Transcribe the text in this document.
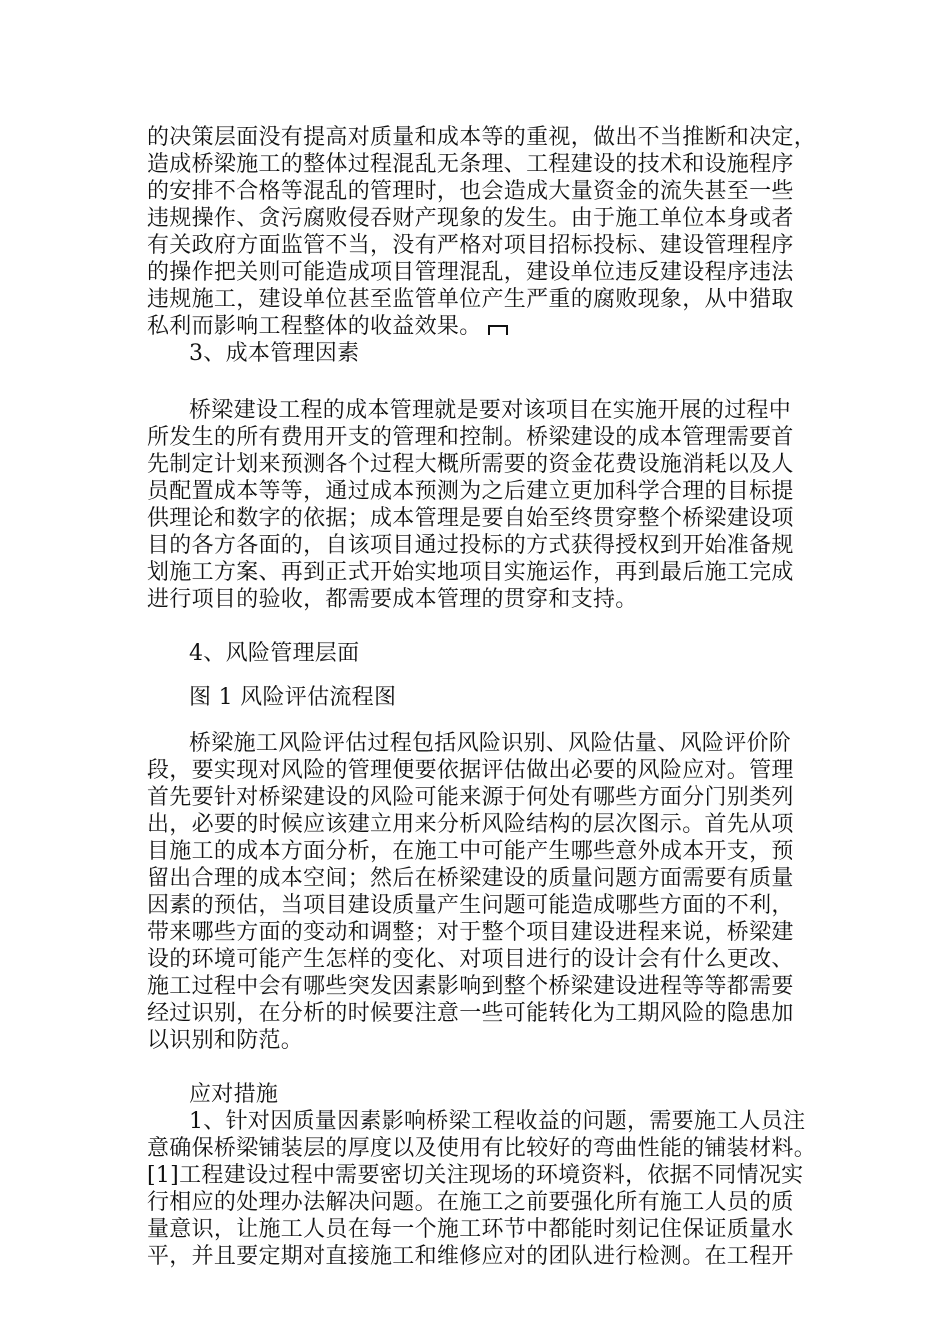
的决策层面没有提高对质量和成本等的重视，做出不当推断和决定，
造成桥梁施工的整体过程混乱无条理、工程建设的技术和设施程序
的安排不合格等混乱的管理时，也会造成大量资金的流失甚至一些
违规操作、贪污腐败侵吞财产现象的发生。由于施工单位本身或者
有关政府方面监管不当，没有严格对项目招标投标、建设管理程序
的操作把关则可能造成项目管理混乱，建设单位违反建设程序违法
违规施工，建设单位甚至监管单位产生严重的腐败现象，从中猎取
私利而影响工程整体的收益效果。
3、成本管理因素
桥梁建设工程的成本管理就是要对该项目在实施开展的过程中
所发生的所有费用开支的管理和控制。桥梁建设的成本管理需要首
先制定计划来预测各个过程大概所需要的资金花费设施消耗以及人
员配置成本等等，通过成本预测为之后建立更加科学合理的目标提
供理论和数字的依据；成本管理是要自始至终贯穿整个桥梁建设项
目的各方各面的，自该项目通过投标的方式获得授权到开始准备规
划施工方案、再到正式开始实地项目实施运作，再到最后施工完成
进行项目的验收，都需要成本管理的贯穿和支持。
4、风险管理层面
图 1 风险评估流程图
桥梁施工风险评估过程包括风险识别、风险估量、风险评价阶
段，要实现对风险的管理便要依据评估做出必要的风险应对。管理
首先要针对桥梁建设的风险可能来源于何处有哪些方面分门别类列
出，必要的时候应该建立用来分析风险结构的层次图示。首先从项
目施工的成本方面分析，在施工中可能产生哪些意外成本开支，预
留出合理的成本空间；然后在桥梁建设的质量问题方面需要有质量
因素的预估，当项目建设质量产生问题可能造成哪些方面的不利，
带来哪些方面的变动和调整；对于整个项目建设进程来说，桥梁建
设的环境可能产生怎样的变化、对项目进行的设计会有什么更改、
施工过程中会有哪些突发因素影响到整个桥梁建设进程等等都需要
经过识别，在分析的时候要注意一些可能转化为工期风险的隐患加
以识别和防范。
应对措施
1、针对因质量因素影响桥梁工程收益的问题，需要施工人员注
意确保桥梁铺装层的厚度以及使用有比较好的弯曲性能的铺装材料。
[1]工程建设过程中需要密切关注现场的环境资料，依据不同情况实
行相应的处理办法解决问题。在施工之前要强化所有施工人员的质
量意识，让施工人员在每一个施工环节中都能时刻记住保证质量水
平，并且要定期对直接施工和维修应对的团队进行检测。在工程开
